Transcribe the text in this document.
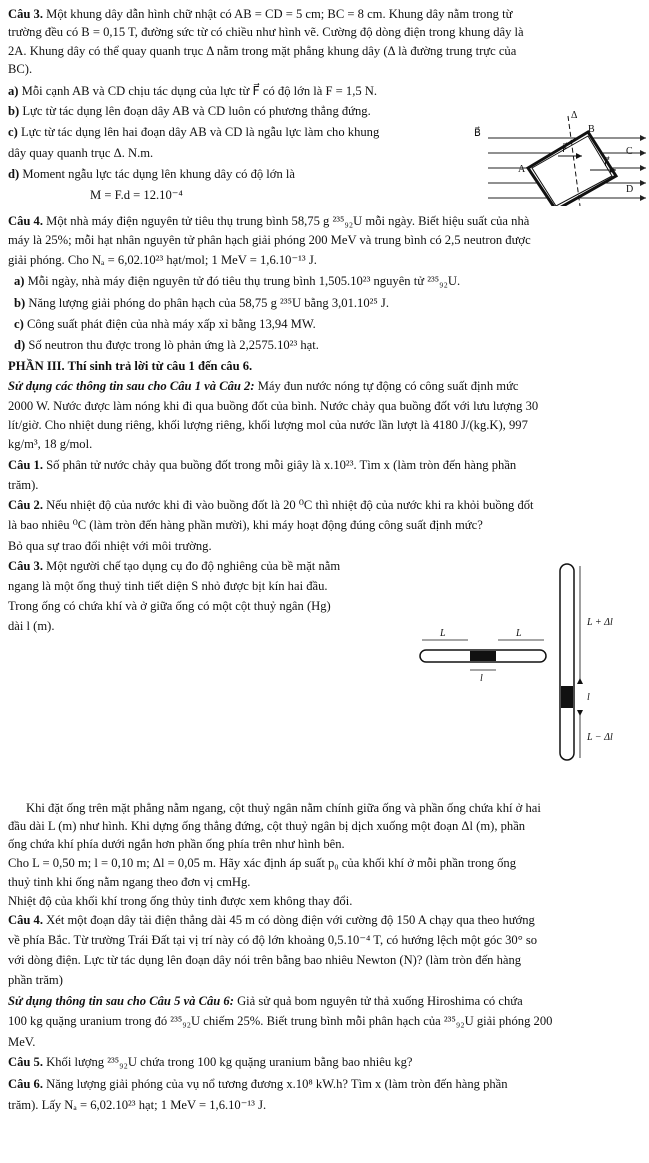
Câu 3. Một khung dây dẫn hình chữ nhật có AB = CD = 5 cm; BC = 8 cm. Khung dây nằm trong từ
trường đều có B = 0,15 T, đường sức từ có chiều như hình vẽ. Cường độ dòng điện trong khung dây là
2A. Khung dây có thể quay quanh trục Δ nằm trong mặt phẳng khung dây (Δ là đường trung trực của
BC).
a) Mỗi cạnh AB và CD chịu tác dụng của lực từ F⃗ có độ lớn là F = 1,5 N.
b) Lực từ tác dụng lên đoạn dây AB và CD luôn có phương thẳng đứng.
c) Lực từ tác dụng lên hai đoạn dây AB và CD là ngẫu lực làm cho khung
dây quay quanh trục Δ. N.m.
d) Moment ngẫu lực tác dụng lên khung dây có độ lớn là
M = F.d = 12.10⁻⁴
Δ
B⃗	B
A
C
D
F⃗
F⃗
Câu 4. Một nhà máy điện nguyên tử tiêu thụ trung bình 58,75 g ²³⁵₉₂U mỗi ngày. Biết hiệu suất của nhà
máy là 25%; mỗi hạt nhân nguyên tử phân hạch giải phóng 200 MeV và trung bình có 2,5 neutron được
giải phóng. Cho Nₐ = 6,02.10²³ hạt/mol; 1 MeV = 1,6.10⁻¹³ J.
a) Mỗi ngày, nhà máy điện nguyên tử đó tiêu thụ trung bình 1,505.10²³ nguyên tử ²³⁵₉₂U.
b) Năng lượng giải phóng do phân hạch của 58,75 g ²³⁵U bằng 3,01.10²⁵ J.
c) Công suất phát điện của nhà máy xấp xỉ bằng 13,94 MW.
d) Số neutron thu được trong lò phản ứng là 2,2575.10²³ hạt.
PHẦN III. Thí sinh trả lời từ câu 1 đến câu 6.
Sử dụng các thông tin sau cho Câu 1 và Câu 2: Máy đun nước nóng tự động có công suất định mức
2000 W. Nước được làm nóng khi đi qua buồng đốt của bình. Nước chảy qua buồng đốt với lưu lượng 30
lít/giờ. Cho nhiệt dung riêng, khối lượng riêng, khối lượng mol của nước lần lượt là 4180 J/(kg.K), 997
kg/m³, 18 g/mol.
Câu 1. Số phân tử nước chảy qua buồng đốt trong mỗi giây là x.10²³. Tìm x (làm tròn đến hàng phần
trăm).
Câu 2. Nếu nhiệt độ của nước khi đi vào buồng đốt là 20 ⁰C thì nhiệt độ của nước khi ra khỏi buồng đốt
là bao nhiêu ⁰C (làm tròn đến hàng phần mười), khi máy hoạt động đúng công suất định mức?
Bỏ qua sự trao đổi nhiệt với môi trường.
Câu 3. Một người chế tạo dụng cụ đo độ nghiêng của bề mặt nằm
ngang là một ống thuỷ tinh tiết diện S nhỏ được bịt kín hai đầu.
Trong ống có chứa khí và ở giữa ống có một cột thuỷ ngân (Hg)
dài l (m).	L + Δl
l
L − Δl
L	L
l
Khi đặt ống trên mặt phẳng nằm ngang, cột thuỷ ngân nằm chính giữa ống và phần ống chứa khí ở hai
đầu dài L (m) như hình. Khi dựng ống thẳng đứng, cột thuỷ ngân bị dịch xuống một đoạn Δl (m), phần
ống chứa khí phía dưới ngắn hơn phần ống phía trên như hình bên.
Cho L = 0,50 m; l = 0,10 m; Δl = 0,05 m. Hãy xác định áp suất p₀ của khối khí ở mỗi phần trong ống
thuỷ tinh khi ống nằm ngang theo đơn vị cmHg.
Nhiệt độ của khối khí trong ống thủy tinh được xem không thay đổi.
Câu 4. Xét một đoạn dây tải điện thẳng dài 45 m có dòng điện với cường độ 150 A chạy qua theo hướng
về phía Bắc. Từ trường Trái Đất tại vị trí này có độ lớn khoảng 0,5.10⁻⁴ T, có hướng lệch một góc 30° so
với dòng điện. Lực từ tác dụng lên đoạn dây nói trên bằng bao nhiêu Newton (N)? (làm tròn đến hàng
phần trăm)
Sử dụng thông tin sau cho Câu 5 và Câu 6: Giả sử quả bom nguyên tử thả xuống Hiroshima có chứa
100 kg quặng uranium trong đó ²³⁵₉₂U chiếm 25%. Biết trung bình mỗi phân hạch của ²³⁵₉₂U giải phóng 200
MeV.
Câu 5. Khối lượng ²³⁵₉₂U chứa trong 100 kg quặng uranium bằng bao nhiêu kg?
Câu 6. Năng lượng giải phóng của vụ nổ tương đương x.10⁸ kW.h? Tìm x (làm tròn đến hàng phần
trăm). Lấy Nₐ = 6,02.10²³ hạt; 1 MeV = 1,6.10⁻¹³ J.
